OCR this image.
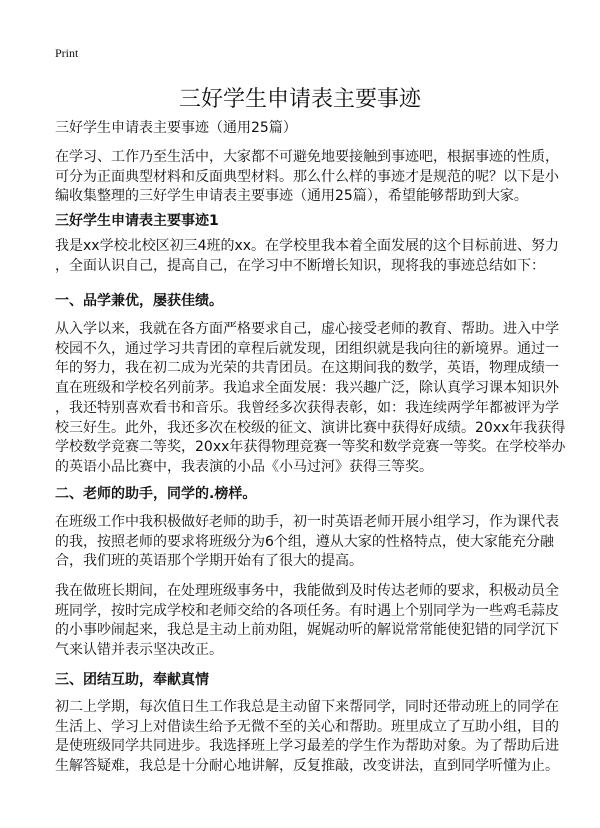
Print
三好学生申请表主要事迹
三好学生申请表主要事迹（通用25篇）
在学习、工作乃至生活中，大家都不可避免地要接触到事迹吧，根据事迹的性质，
可分为正面典型材料和反面典型材料。那么什么样的事迹才是规范的呢？以下是小
编收集整理的三好学生申请表主要事迹（通用25篇），希望能够帮助到大家。
三好学生申请表主要事迹1
我是xx学校北校区初三4班的xx。在学校里我本着全面发展的这个目标前进、努力
，全面认识自己，提高自己，在学习中不断增长知识，现将我的事迹总结如下：
一、品学兼优，屡获佳绩。
从入学以来，我就在各方面严格要求自己，虚心接受老师的教育、帮助。进入中学
校园不久，通过学习共青团的章程后就发现，团组织就是我向往的新境界。通过一
年的努力，我在初二成为光荣的共青团员。在这期间我的数学，英语，物理成绩一
直在班级和学校名列前茅。我追求全面发展：我兴趣广泛，除认真学习课本知识外
，我还特别喜欢看书和音乐。我曾经多次获得表彰，如：我连续两学年都被评为学
校三好生。此外，我还多次在校级的征文、演讲比赛中获得好成绩。20xx年我获得
学校数学竞赛二等奖，20xx年获得物理竞赛一等奖和数学竞赛一等奖。在学校举办
的英语小品比赛中，我表演的小品《小马过河》获得三等奖。
二、老师的助手，同学的.榜样。
在班级工作中我积极做好老师的助手，初一时英语老师开展小组学习，作为课代表
的我，按照老师的要求将班级分为6个组，遵从大家的性格特点，使大家能充分融
合，我们班的英语那个学期开始有了很大的提高。
我在做班长期间，在处理班级事务中，我能做到及时传达老师的要求，积极动员全
班同学，按时完成学校和老师交给的各项任务。有时遇上个别同学为一些鸡毛蒜皮
的小事吵闹起来，我总是主动上前劝阻，娓娓动听的解说常常能使犯错的同学沉下
气来认错并表示坚决改正。
三、团结互助，奉献真情
初二上学期，每次值日生工作我总是主动留下来帮同学，同时还带动班上的同学在
生活上、学习上对借读生给予无微不至的关心和帮助。班里成立了互助小组，目的
是使班级同学共同进步。我选择班上学习最差的学生作为帮助对象。为了帮助后进
生解答疑难，我总是十分耐心地讲解，反复推敲，改变讲法，直到同学听懂为止。
